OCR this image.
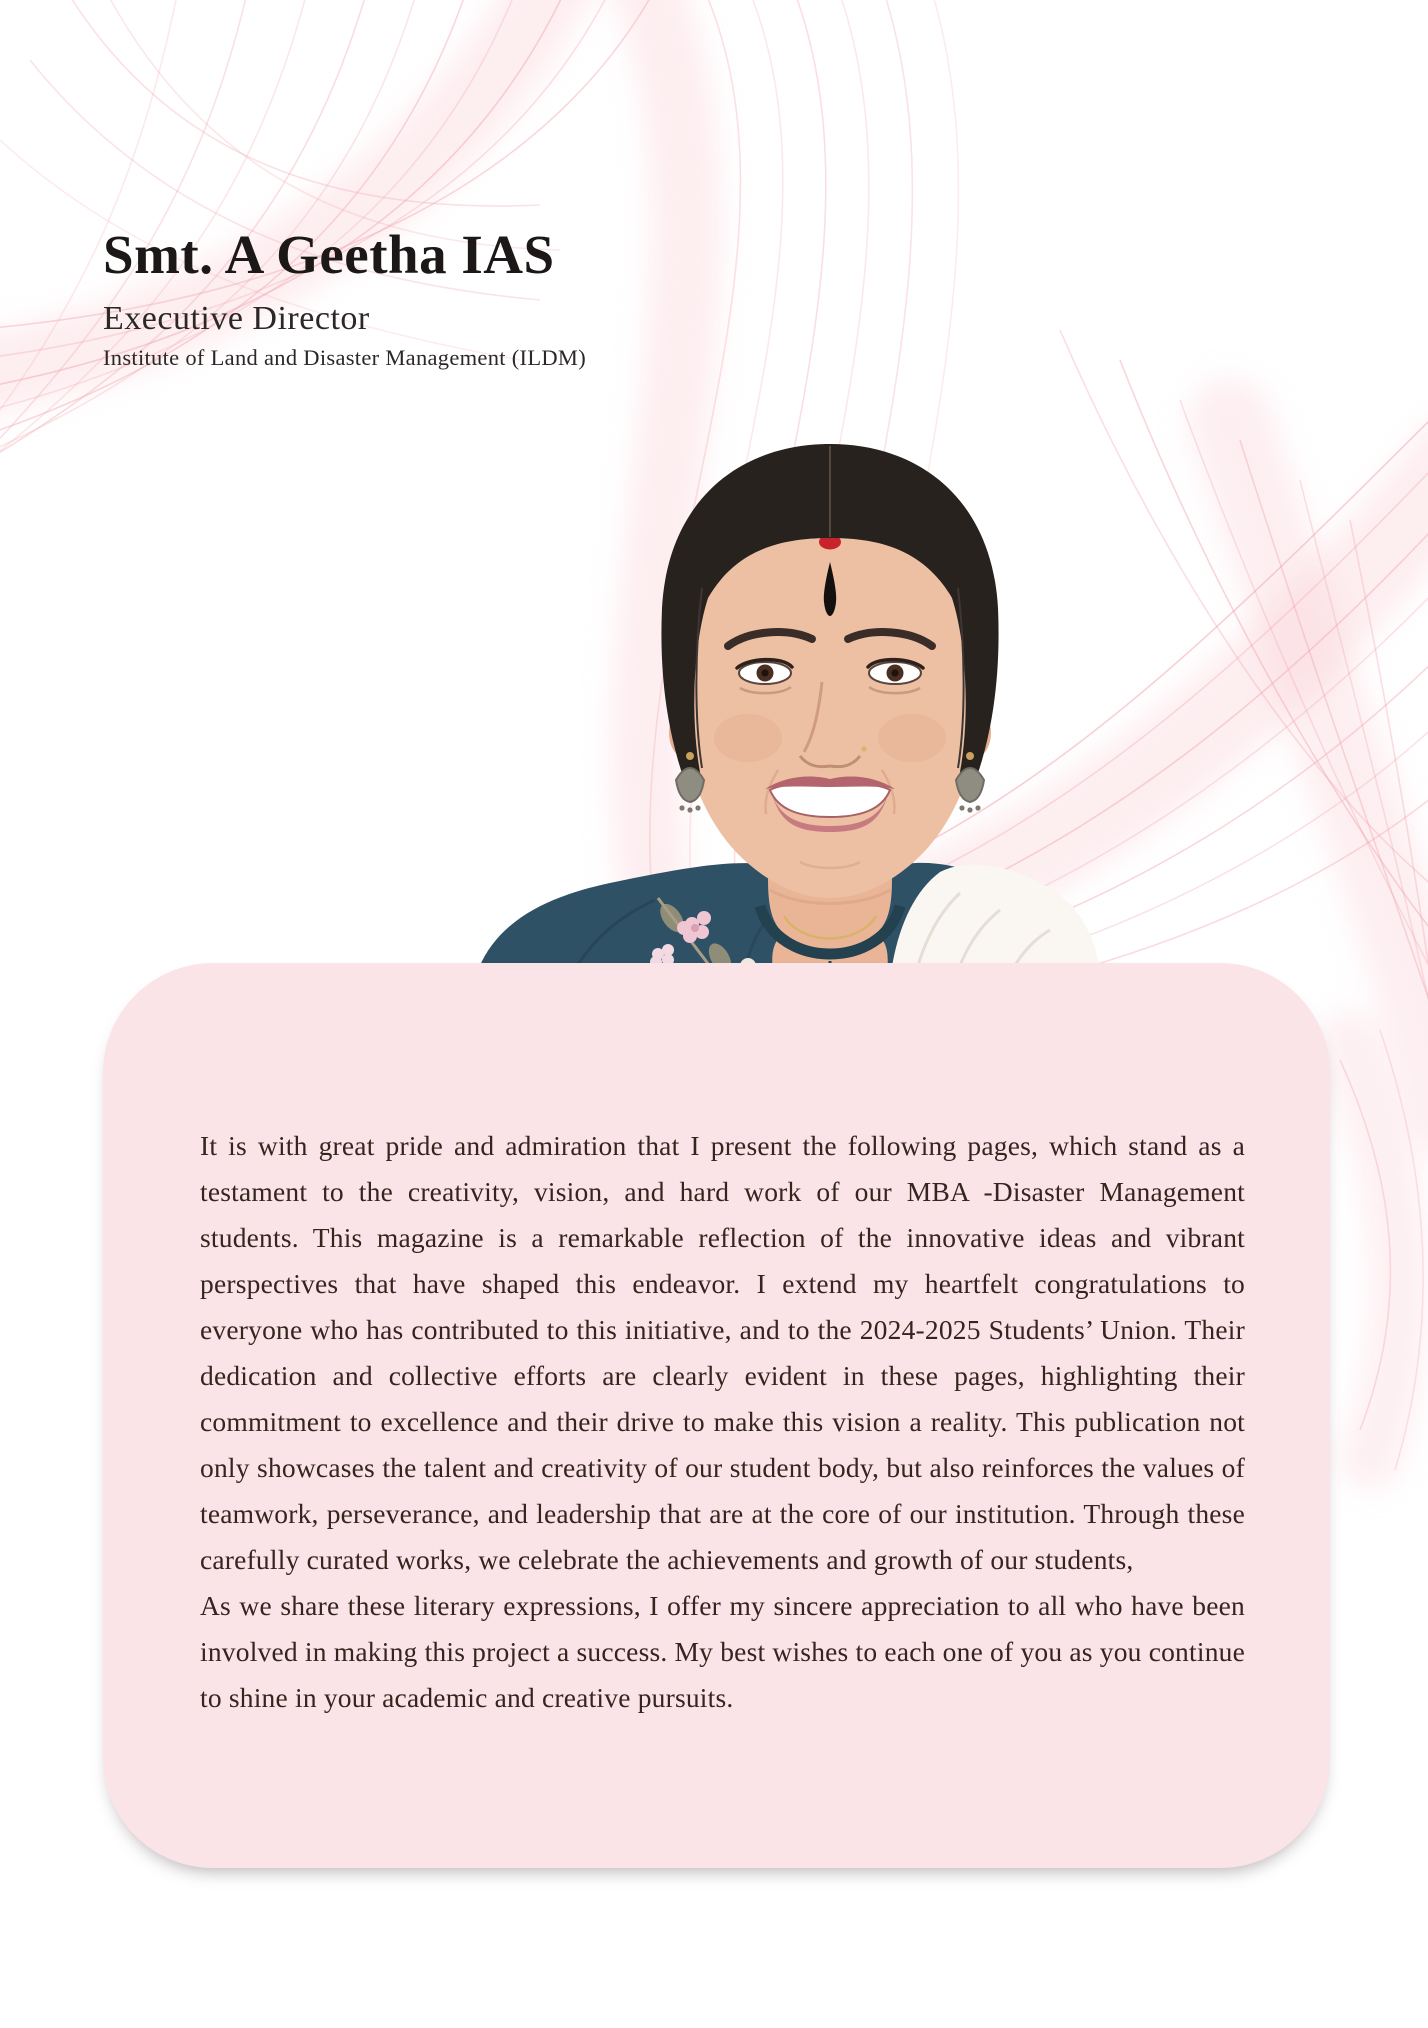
Smt. A Geetha IAS
Executive Director
Institute of Land and Disaster Management (ILDM)

It is with great pride and admiration that I present the following pages, which stand as a testament to the creativity, vision, and hard work of our MBA -Disaster Management students. This magazine is a remarkable reflection of the innovative ideas and vibrant perspectives that have shaped this endeavor. I extend my heartfelt congratulations to everyone who has contributed to this initiative, and to the 2024-2025 Students’ Union. Their dedication and collective efforts are clearly evident in these pages, highlighting their commitment to excellence and their drive to make this vision a reality. This publication not only showcases the talent and creativity of our student body, but also reinforces the values of teamwork, perseverance, and leadership that are at the core of our institution. Through these carefully curated works, we celebrate the achievements and growth of our students,

As we share these literary expressions, I offer my sincere appreciation to all who have been involved in making this project a success. My best wishes to each one of you as you continue to shine in your academic and creative pursuits.
